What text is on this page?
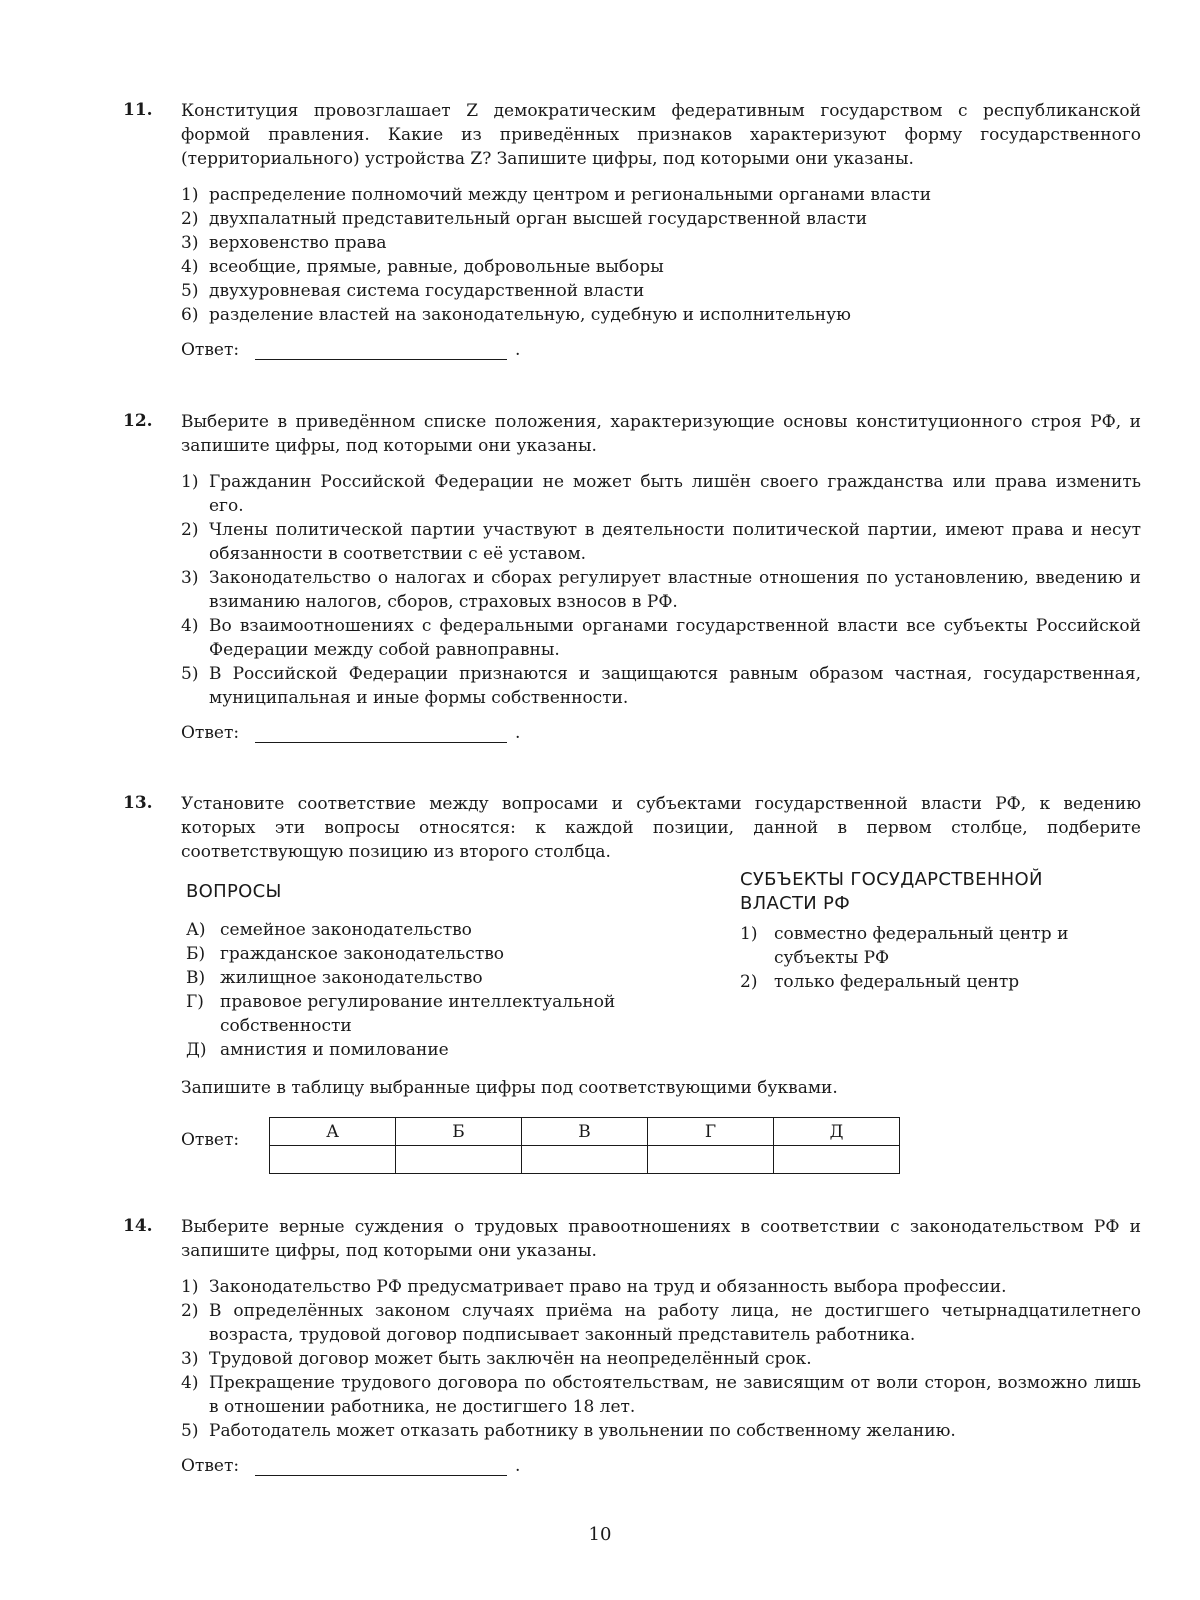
11. Конституция провозглашает Z демократическим федеративным государством с республиканской формой правления. Какие из приведённых признаков характеризуют форму государственного (территориального) устройства Z? Запишите цифры, под которыми они указаны.
1) распределение полномочий между центром и региональными органами власти
2) двухпалатный представительный орган высшей государственной власти
3) верховенство права
4) всеобщие, прямые, равные, добровольные выборы
5) двухуровневая система государственной власти
6) разделение властей на законодательную, судебную и исполнительную
Ответ:	.
12. Выберите в приведённом списке положения, характеризующие основы конституционного строя РФ, и запишите цифры, под которыми они указаны.
1) Гражданин Российской Федерации не может быть лишён своего гражданства или права изменить его.
2) Члены политической партии участвуют в деятельности политической партии, имеют права и несут обязанности в соответствии с её уставом.
3) Законодательство о налогах и сборах регулирует властные отношения по установлению, введению и взиманию налогов, сборов, страховых взносов в РФ.
4) Во взаимоотношениях с федеральными органами государственной власти все субъекты Российской Федерации между собой равноправны.
5) В Российской Федерации признаются и защищаются равным образом частная, государственная, муниципальная и иные формы собственности.
Ответ:	.
13. Установите соответствие между вопросами и субъектами государственной власти РФ, к ведению которых эти вопросы относятся: к каждой позиции, данной в первом столбце, подберите соответствующую позицию из второго столбца.
ВОПРОСЫ
А) семейное законодательство
Б) гражданское законодательство
В) жилищное законодательство
Г) правовое регулирование интеллектуальной собственности
Д) амнистия и помилование
СУБЪЕКТЫ ГОСУДАРСТВЕННОЙ ВЛАСТИ РФ
1) совместно федеральный центр и субъекты РФ
2) только федеральный центр
Запишите в таблицу выбранные цифры под соответствующими буквами.
Ответ:	А	Б	В	Г	Д

14. Выберите верные суждения о трудовых правоотношениях в соответствии с законодательством РФ и запишите цифры, под которыми они указаны.
1) Законодательство РФ предусматривает право на труд и обязанность выбора профессии.
2) В определённых законом случаях приёма на работу лица, не достигшего четырнадцатилетнего возраста, трудовой договор подписывает законный представитель работника.
3) Трудовой договор может быть заключён на неопределённый срок.
4) Прекращение трудового договора по обстоятельствам, не зависящим от воли сторон, возможно лишь в отношении работника, не достигшего 18 лет.
5) Работодатель может отказать работнику в увольнении по собственному желанию.
Ответ:	.
10
